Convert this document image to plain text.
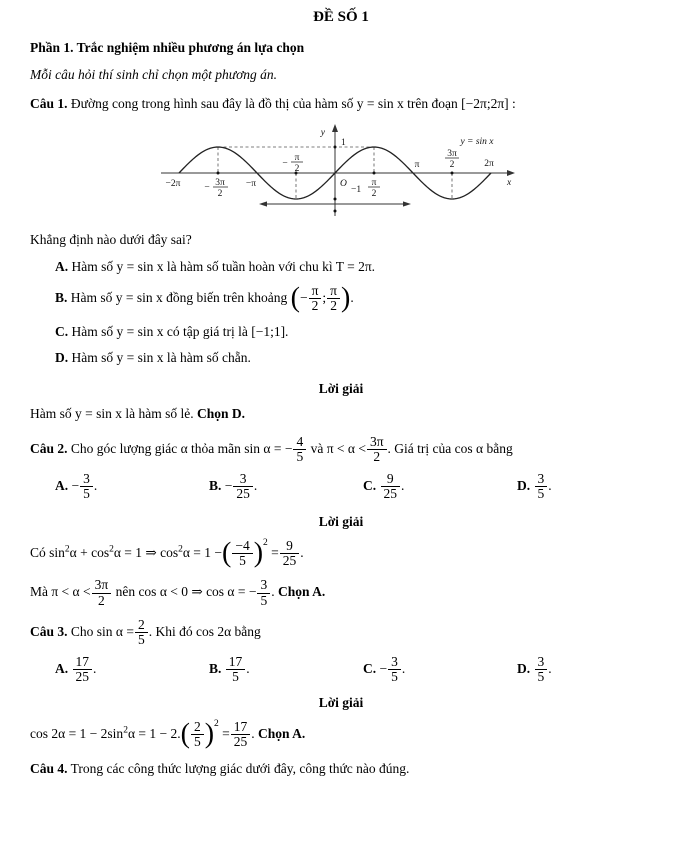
ĐỀ SỐ 1

Phần 1. Trắc nghiệm nhiều phương án lựa chọn

Mỗi câu hỏi thí sinh chỉ chọn một phương án.

Câu 1. Đường cong trong hình sau đây là đồ thị của hàm số y = sin x trên đoạn [−2π;2π] :

y
x
1
O
−1
y = sin x
−2π	− 3π
2
−π
−
π
2
π
2
π
3π
2	2π

Khẳng định nào dưới đây sai?

A. Hàm số y = sin x là hàm số tuần hoàn với chu kì T = 2π.

B. Hàm số y = sin x đồng biến trên khoảng (− $\frac{\pi}{2}$ ; $\frac{\pi}{2}$ ).

C. Hàm số y = sin x có tập giá trị là [−1;1].

D. Hàm số y = sin x là hàm số chẵn.

Lời giải

Hàm số y = sin x là hàm số lẻ. Chọn D.

Câu 2. Cho góc lượng giác α thỏa mãn sin α = − $\frac{4}{5}$ và $\pi < \alpha < \frac{3\pi}{2}$ . Giá trị của cos α bằng

A. − $\frac{3}{5}$ .	B. − $\frac{3}{25}$ .	C. $\frac{9}{25}$ .	D. $\frac{3}{5}$ .

Lời giải

Có $\sin^2\alpha + \cos^2\alpha = 1$ ⇒ $\cos^2\alpha = 1$ −( $\frac{-4}{5} )^2 = \frac{9}{25}$ .

Mà $\pi < \alpha < \frac{3\pi}{2}$ nên cos α < 0 ⇒ cos α = − $\frac{3}{5}$ . Chọn A.

Câu 3. Cho $\sin \alpha = \frac{2}{5}$ . Khi đó cos 2α bằng

A. $\frac{17}{25}$ .	B. $\frac{17}{5}$ .	C. − $\frac{3}{5}$ .	D. $\frac{3}{5}$ .

Lời giải

$\cos 2\alpha = 1 - 2\sin^2\alpha = 1 - 2.( \frac{2}{5} )^2 = \frac{17}{25}$ . Chọn A.

Câu 4. Trong các công thức lượng giác dưới đây, công thức nào đúng.
